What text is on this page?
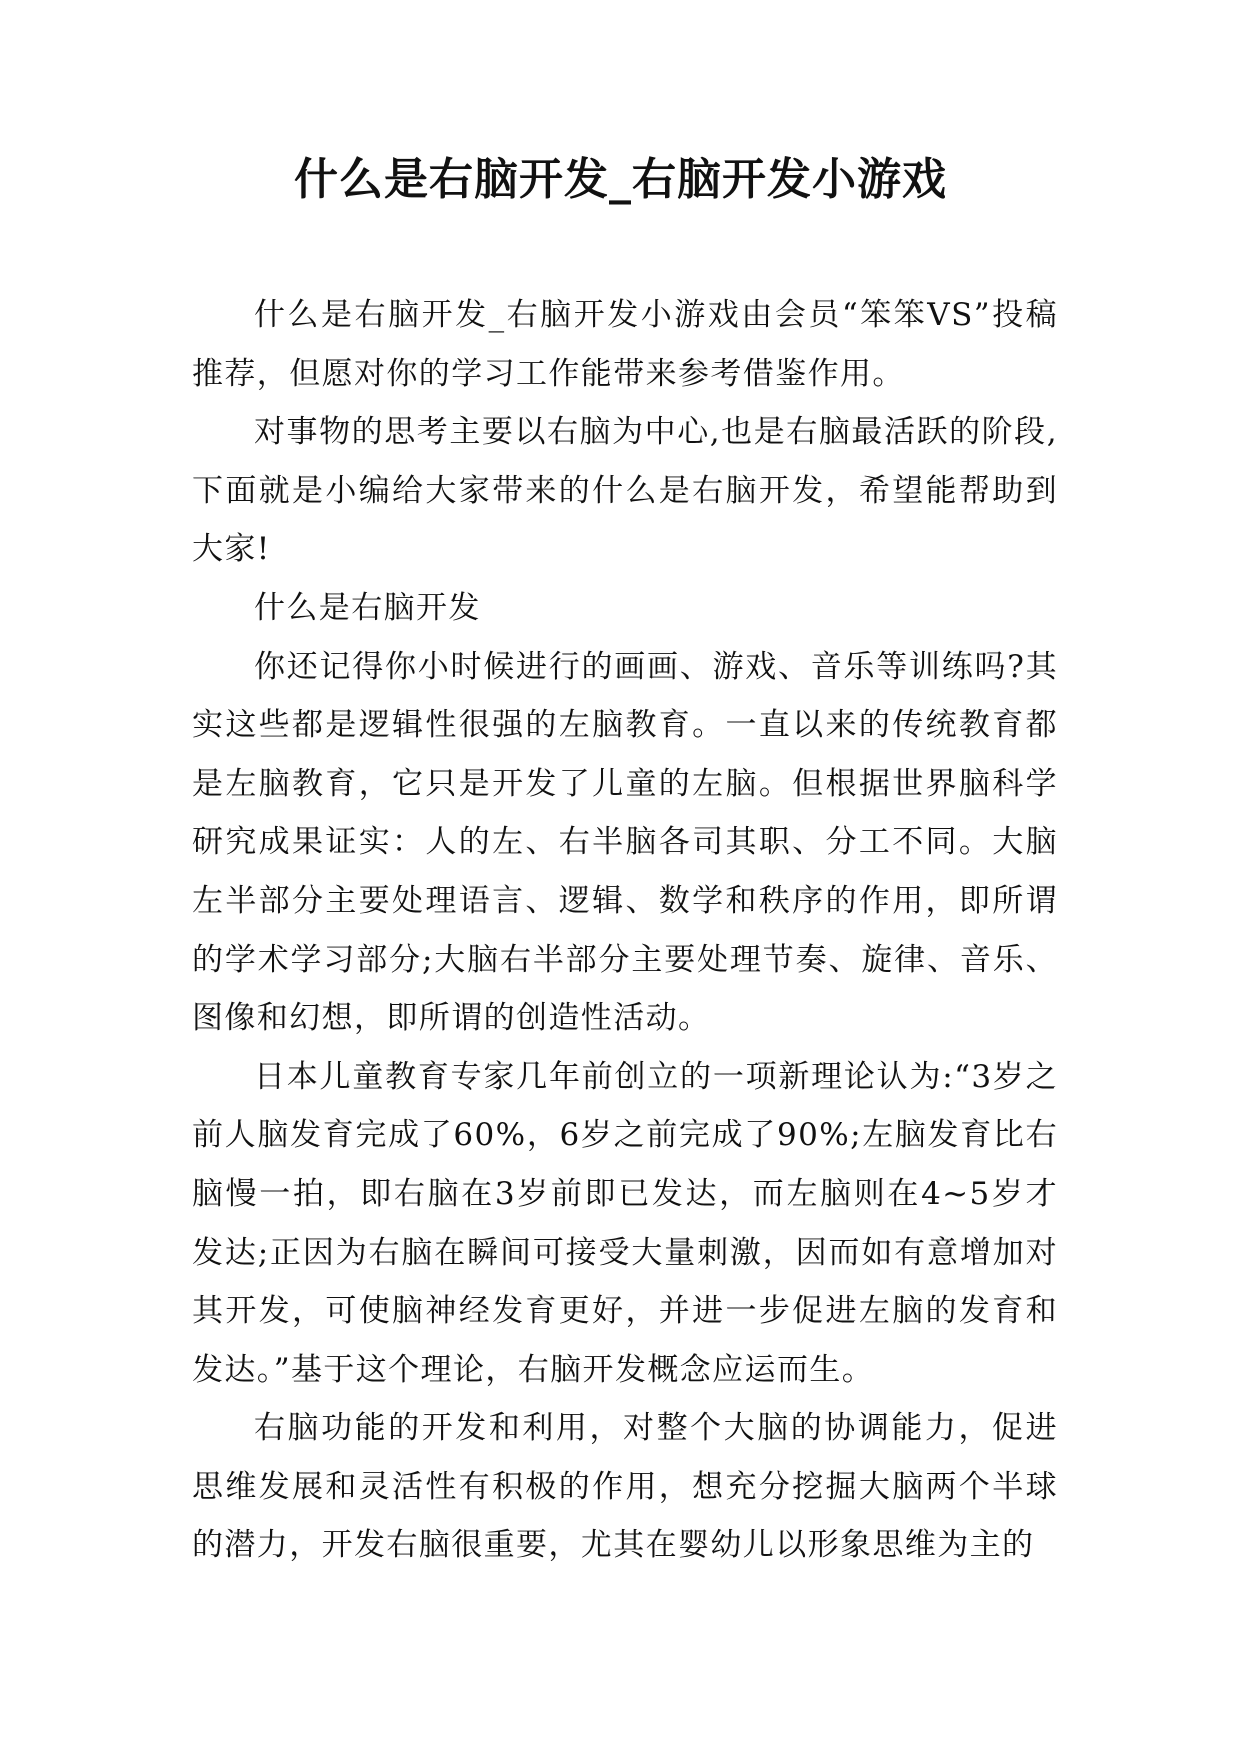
什么是右脑开发_右脑开发小游戏

什么是右脑开发_右脑开发小游戏由会员“笨笨VS”投稿推荐，但愿对你的学习工作能带来参考借鉴作用。

对事物的思考主要以右脑为中心,也是右脑最活跃的阶段,下面就是小编给大家带来的什么是右脑开发，希望能帮助到大家!

什么是右脑开发

你还记得你小时候进行的画画、游戏、音乐等训练吗?其实这些都是逻辑性很强的左脑教育。一直以来的传统教育都是左脑教育，它只是开发了儿童的左脑。但根据世界脑科学研究成果证实：人的左、右半脑各司其职、分工不同。大脑左半部分主要处理语言、逻辑、数学和秩序的作用，即所谓的学术学习部分;大脑右半部分主要处理节奏、旋律、音乐、图像和幻想，即所谓的创造性活动。

日本儿童教育专家几年前创立的一项新理论认为:“3岁之前人脑发育完成了60%，6岁之前完成了90%;左脑发育比右脑慢一拍，即右脑在3岁前即已发达，而左脑则在4~5岁才发达;正因为右脑在瞬间可接受大量刺激，因而如有意增加对其开发，可使脑神经发育更好，并进一步促进左脑的发育和发达。”基于这个理论，右脑开发概念应运而生。

右脑功能的开发和利用，对整个大脑的协调能力，促进思维发展和灵活性有积极的作用，想充分挖掘大脑两个半球的潜力，开发右脑很重要，尤其在婴幼儿以形象思维为主的
